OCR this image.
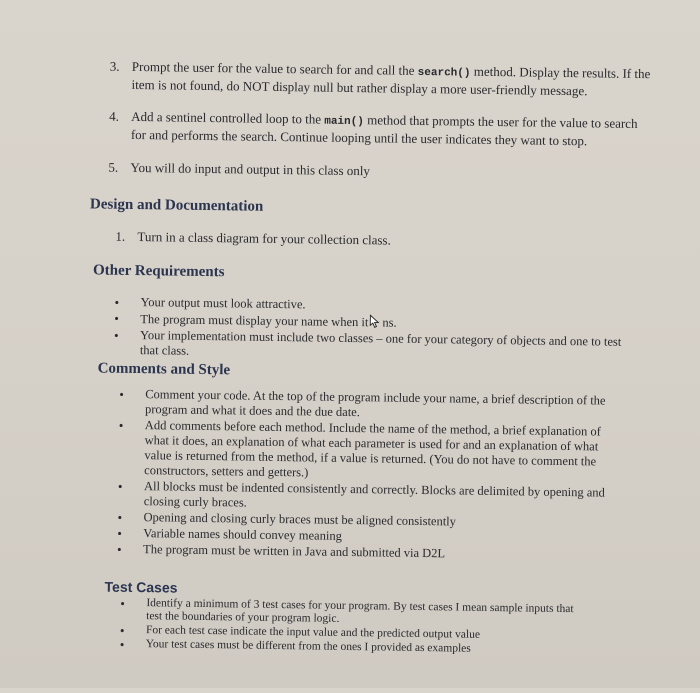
3. Prompt the user for the value to search for and call the search() method. Display the results. If the item is not found, do NOT display null but rather display a more user-friendly message.
4. Add a sentinel controlled loop to the main() method that prompts the user for the value to search for and performs the search. Continue looping until the user indicates they want to stop.
5. You will do input and output in this class only
Design and Documentation
1. Turn in a class diagram for your collection class.
Other Requirements
• Your output must look attractive.
• The program must display your name when it ns.
• Your implementation must include two classes – one for your category of objects and one to test that class.
Comments and Style
• Comment your code. At the top of the program include your name, a brief description of the program and what it does and the due date.
• Add comments before each method. Include the name of the method, a brief explanation of what it does, an explanation of what each parameter is used for and an explanation of what value is returned from the method, if a value is returned. (You do not have to comment the constructors, setters and getters.)
• All blocks must be indented consistently and correctly. Blocks are delimited by opening and closing curly braces.
• Opening and closing curly braces must be aligned consistently
• Variable names should convey meaning
• The program must be written in Java and submitted via D2L
Test Cases
• Identify a minimum of 3 test cases for your program. By test cases I mean sample inputs that test the boundaries of your program logic.
• For each test case indicate the input value and the predicted output value
• Your test cases must be different from the ones I provided as examples
